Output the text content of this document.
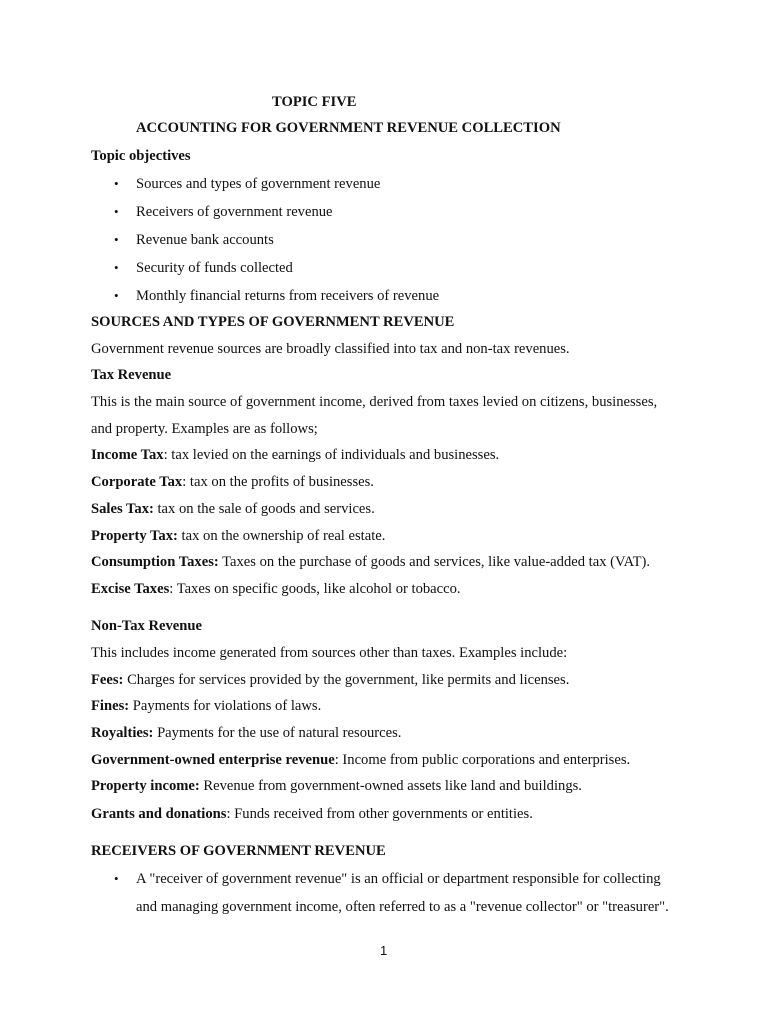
TOPIC FIVE
ACCOUNTING FOR GOVERNMENT REVENUE COLLECTION
Topic objectives
• Sources and types of government revenue
• Receivers of government revenue
• Revenue bank accounts
• Security of funds collected
• Monthly financial returns from receivers of revenue
SOURCES AND TYPES OF GOVERNMENT REVENUE
Government revenue sources are broadly classified into tax and non-tax revenues.
Tax Revenue
This is the main source of government income, derived from taxes levied on citizens, businesses,
and property. Examples are as follows;
Income Tax: tax levied on the earnings of individuals and businesses.
Corporate Tax: tax on the profits of businesses.
Sales Tax: tax on the sale of goods and services.
Property Tax: tax on the ownership of real estate.
Consumption Taxes: Taxes on the purchase of goods and services, like value-added tax (VAT).
Excise Taxes: Taxes on specific goods, like alcohol or tobacco.
Non-Tax Revenue
This includes income generated from sources other than taxes. Examples include:
Fees: Charges for services provided by the government, like permits and licenses.
Fines: Payments for violations of laws.
Royalties: Payments for the use of natural resources.
Government-owned enterprise revenue: Income from public corporations and enterprises.
Property income: Revenue from government-owned assets like land and buildings.
Grants and donations: Funds received from other governments or entities.
RECEIVERS OF GOVERNMENT REVENUE
• A "receiver of government revenue" is an official or department responsible for collecting
and managing government income, often referred to as a "revenue collector" or "treasurer".
1
